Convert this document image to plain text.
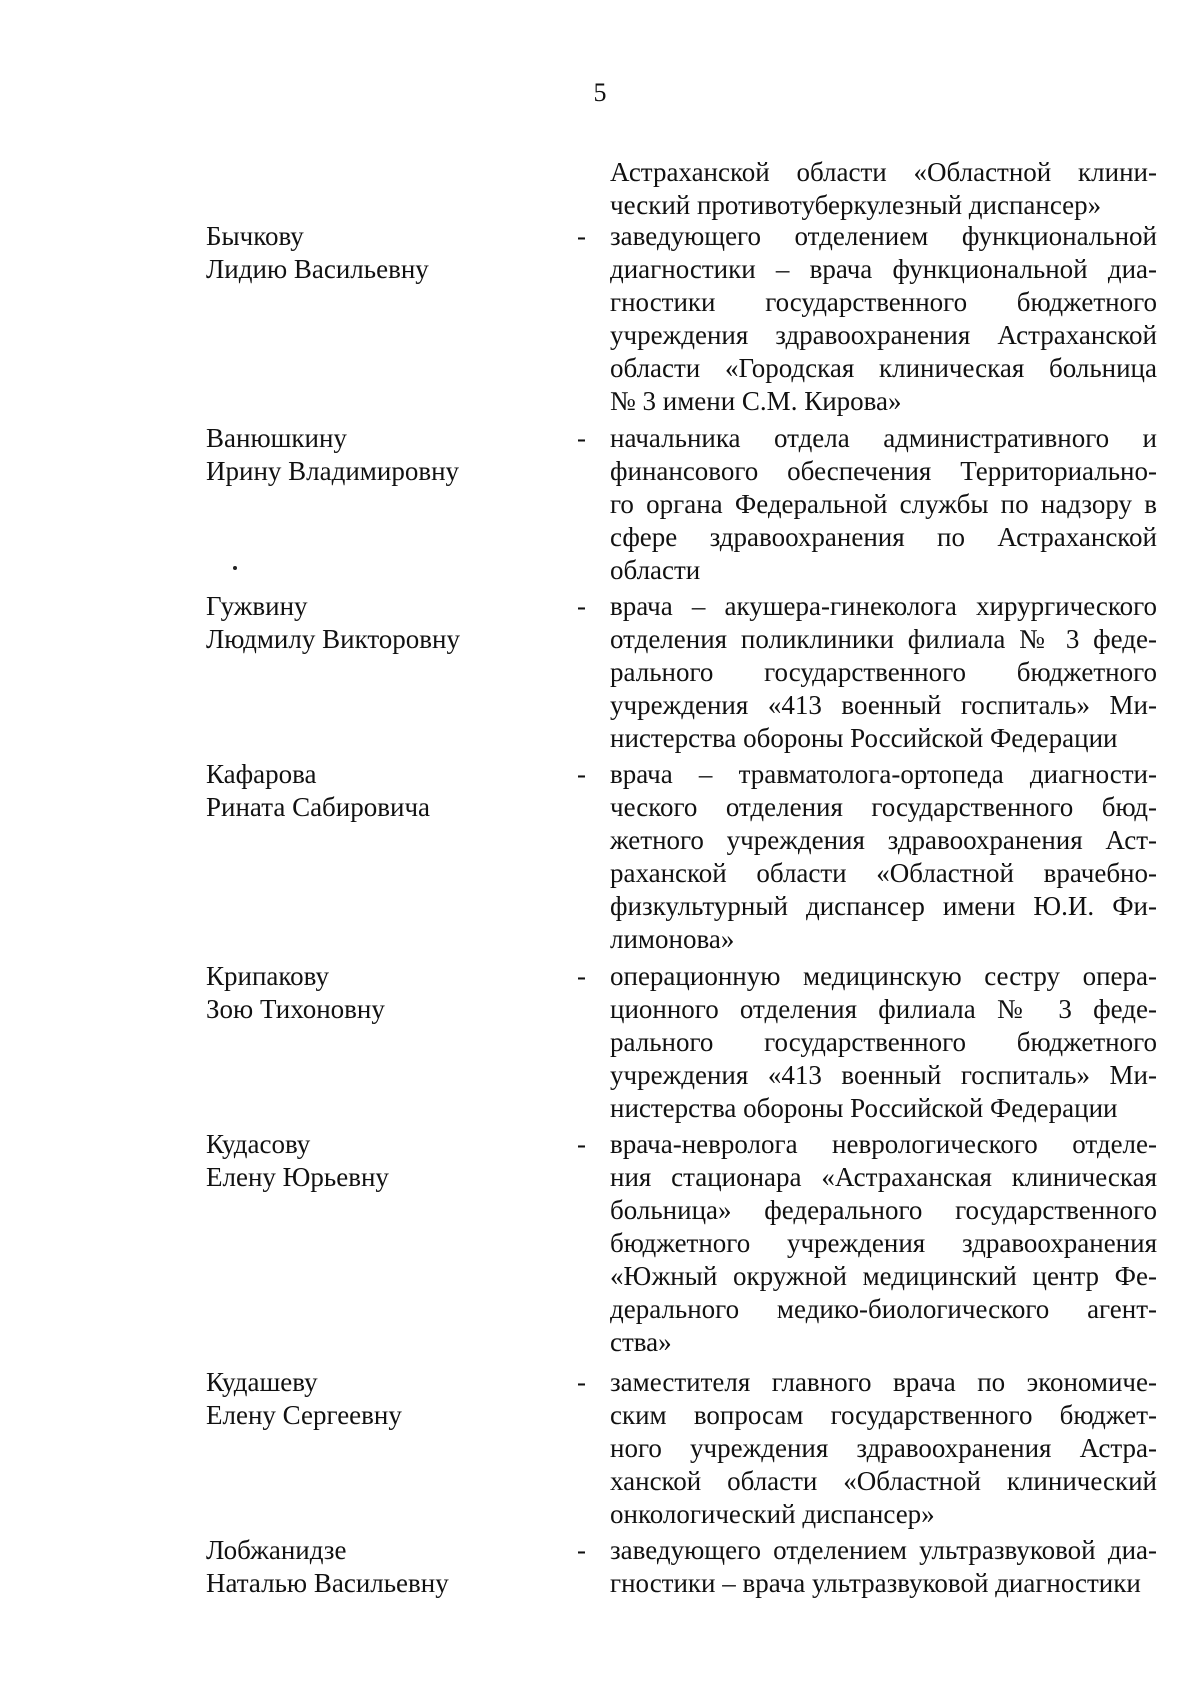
5
Астраханской области «Областной клини-
ческий противотуберкулезный диспансер»
Бычкову
Лидию Васильевну
- заведующего отделением функциональной
диагностики – врача функциональной диа-
гностики государственного бюджетного
учреждения здравоохранения Астраханской
области «Городская клиническая больница
№ 3 имени С.М. Кирова»
Ванюшкину
Ирину Владимировну
- начальника отдела административного и
финансового обеспечения Территориально-
го органа Федеральной службы по надзору в
сфере здравоохранения по Астраханской
области
Гужвину
Людмилу Викторовну
- врача – акушера-гинеколога хирургического
отделения поликлиники филиала № 3 феде-
рального государственного бюджетного
учреждения «413 военный госпиталь» Ми-
нистерства обороны Российской Федерации
Кафарова
Рината Сабировича
- врача – травматолога-ортопеда диагности-
ческого отделения государственного бюд-
жетного учреждения здравоохранения Аст-
раханской области «Областной врачебно-
физкультурный диспансер имени Ю.И. Фи-
лимонова»
Крипакову
Зою Тихоновну
- операционную медицинскую сестру опера-
ционного отделения филиала № 3 феде-
рального государственного бюджетного
учреждения «413 военный госпиталь» Ми-
нистерства обороны Российской Федерации
Кудасову
Елену Юрьевну
- врача-невролога неврологического отделе-
ния стационара «Астраханская клиническая
больница» федерального государственного
бюджетного учреждения здравоохранения
«Южный окружной медицинский центр Фе-
дерального медико-биологического агент-
ства»
Кудашеву
Елену Сергеевну
- заместителя главного врача по экономиче-
ским вопросам государственного бюджет-
ного учреждения здравоохранения Астра-
ханской области «Областной клинический
онкологический диспансер»
Лобжанидзе
Наталью Васильевну
- заведующего отделением ультразвуковой диа-
гностики – врача ультразвуковой диагностики
